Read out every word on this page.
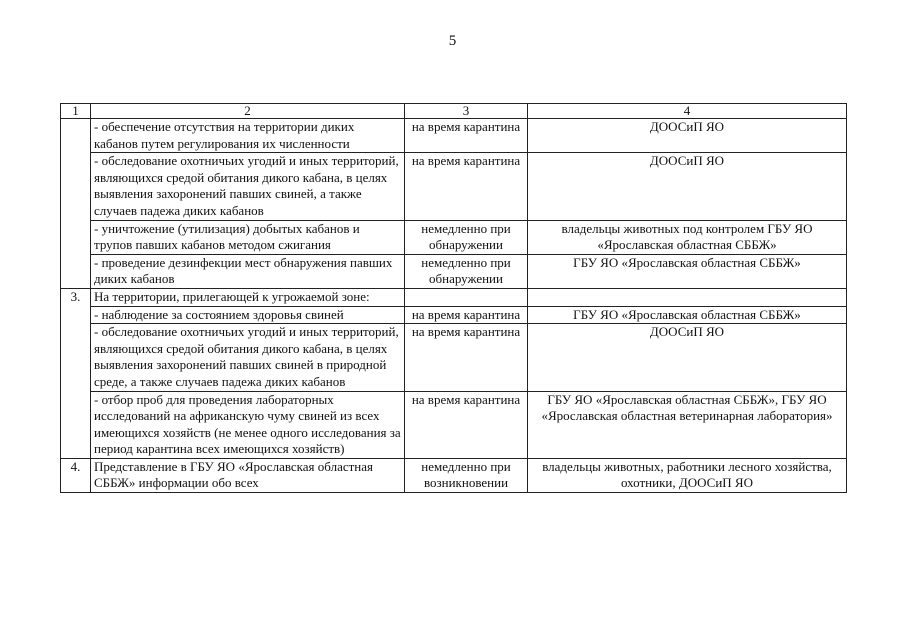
5
1	2	3	4
	- обеспечение отсутствия на территории диких кабанов путем регулирования их численности	на время карантина	ДООСиП ЯО
	- обследование охотничьих угодий и иных территорий, являющихся средой обитания дикого кабана, в целях выявления захоронений павших свиней, а также случаев падежа диких кабанов	на время карантина	ДООСиП ЯО
	- уничтожение (утилизация) добытых кабанов и трупов павших кабанов методом сжигания	немедленно при обнаружении	владельцы животных под контролем ГБУ ЯО «Ярославская областная СББЖ»
	- проведение дезинфекции мест обнаружения павших диких кабанов	немедленно при обнаружении	ГБУ ЯО «Ярославская областная СББЖ»
3.	На территории, прилегающей к угрожаемой зоне:		
	- наблюдение за состоянием здоровья свиней	на время карантина	ГБУ ЯО «Ярославская областная СББЖ»
	- обследование охотничьих угодий и иных территорий, являющихся средой обитания дикого кабана, в целях выявления захоронений павших свиней в природной среде, а также случаев падежа диких кабанов	на время карантина	ДООСиП ЯО
	- отбор проб для проведения лабораторных исследований на африканскую чуму свиней из всех имеющихся хозяйств (не менее одного исследования за период карантина всех имеющихся хозяйств)	на время карантина	ГБУ ЯО «Ярославская областная СББЖ», ГБУ ЯО «Ярославская областная ветеринарная лаборатория»
4.	Представление в ГБУ ЯО «Ярославская областная СББЖ» информации обо всех	немедленно при возникновении	владельцы животных, работники лесного хозяйства, охотники, ДООСиП ЯО
